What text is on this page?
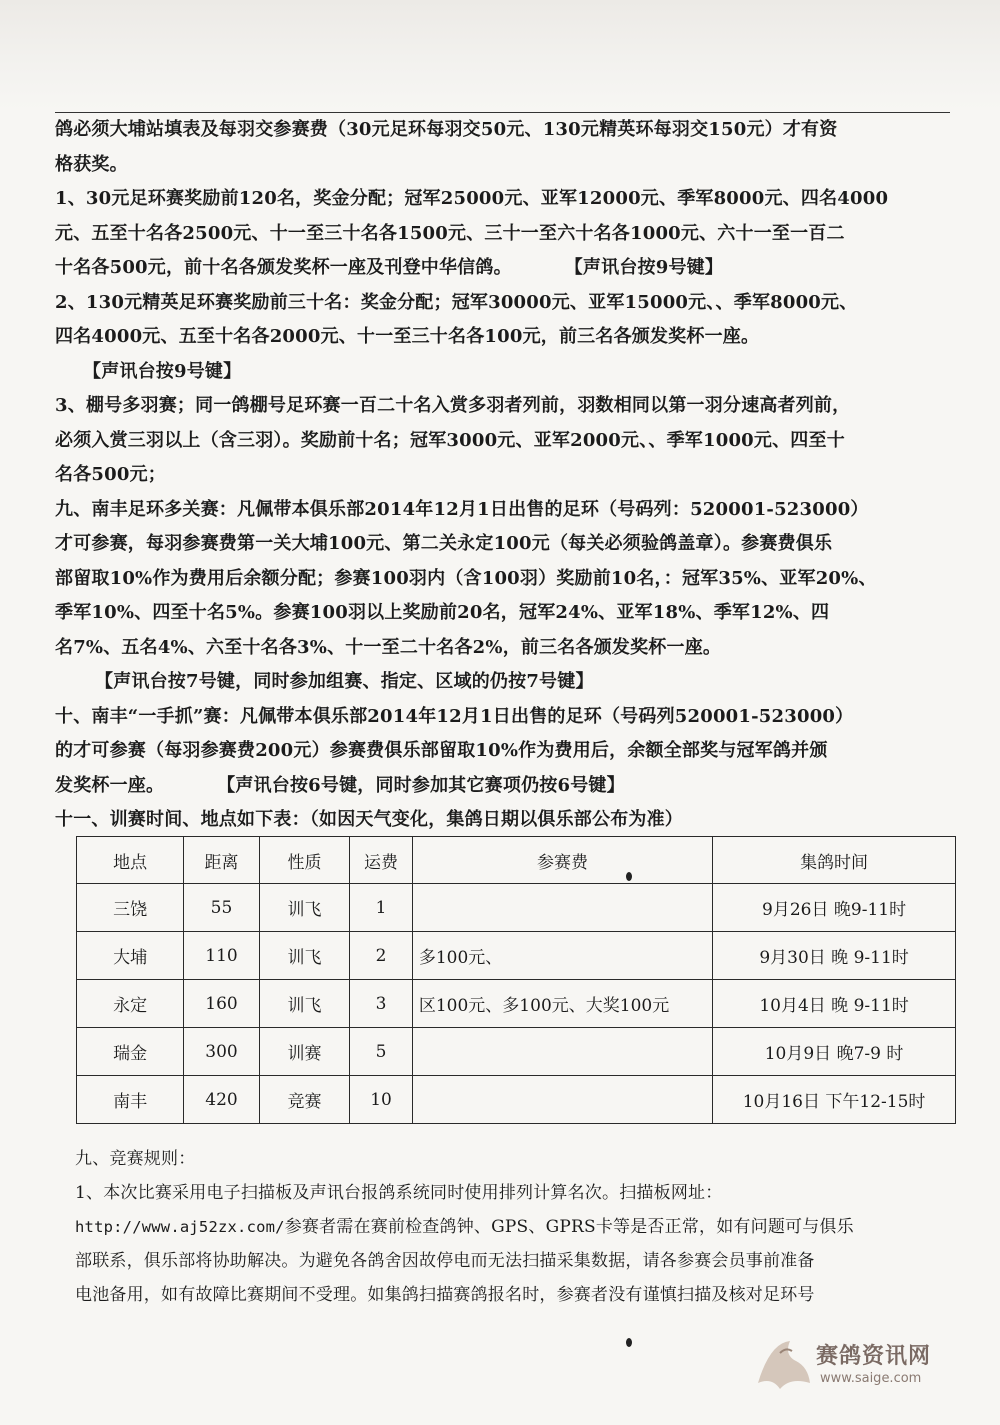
鸽必须大埔站填表及每羽交参赛费（30元足环每羽交50元、130元精英环每羽交150元）才有资
格获奖。
1、30元足环赛奖励前120名，奖金分配；冠军25000元、亚军12000元、季军8000元、四名4000
元、五至十名各2500元、十一至三十名各1500元、三十一至六十名各1000元、六十一至一百二
十名各500元，前十名各颁发奖杯一座及刊登中华信鸽。	【声讯台按9号键】
2、130元精英足环赛奖励前三十名：奖金分配；冠军30000元、亚军15000元、、季军8000元、
四名4000元、五至十名各2000元、十一至三十名各100元，前三名各颁发奖杯一座。
【声讯台按9号键】
3、棚号多羽赛；同一鸽棚号足环赛一百二十名入赏多羽者列前，羽数相同以第一羽分速高者列前，
必须入赏三羽以上（含三羽）。奖励前十名；冠军3000元、亚军2000元、、季军1000元、四至十
名各500元；
九、南丰足环多关赛：凡佩带本俱乐部2014年12月1日出售的足环（号码列：520001-523000）
才可参赛，每羽参赛费第一关大埔100元、第二关永定100元（每关必须验鸽盖章）。参赛费俱乐
部留取10%作为费用后余额分配；参赛100羽内（含100羽）奖励前10名，：冠军35%、亚军20%、
季军10%、四至十名5%。参赛100羽以上奖励前20名，冠军24%、亚军18%、季军12%、四
名7%、五名4%、六至十名各3%、十一至二十名各2%，前三名各颁发奖杯一座。
【声讯台按7号键，同时参加组赛、指定、区域的仍按7号键】
十、南丰“一手抓”赛：凡佩带本俱乐部2014年12月1日出售的足环（号码列520001-523000）
的才可参赛（每羽参赛费200元）参赛费俱乐部留取10%作为费用后，余额全部奖与冠军鸽并颁
发奖杯一座。	【声讯台按6号键，同时参加其它赛项仍按6号键】
十一、训赛时间、地点如下表：（如因天气变化，集鸽日期以俱乐部公布为准）
地点	距离	性质	运费	参赛费	集鸽时间
三饶	55	训飞	1		9月26日 晚9-11时
大埔	110	训飞	2	多100元、	9月30日 晚 9-11时
永定	160	训飞	3	区100元、多100元、大奖100元	10月4日 晚 9-11时
瑞金	300	训赛	5		10月9日 晚7-9 时
南丰	420	竞赛	10		10月16日 下午12-15时
九、竞赛规则：
1、本次比赛采用电子扫描板及声讯台报鸽系统同时使用排列计算名次。扫描板网址：
http://www.aj52zx.com/参赛者需在赛前检查鸽钟、GPS、GPRS卡等是否正常，如有问题可与俱乐
部联系，俱乐部将协助解决。为避免各鸽舍因故停电而无法扫描采集数据，请各参赛会员事前准备
电池备用，如有故障比赛期间不受理。如集鸽扫描赛鸽报名时，参赛者没有谨慎扫描及核对足环号
赛鸽资讯网
www.saige.com
